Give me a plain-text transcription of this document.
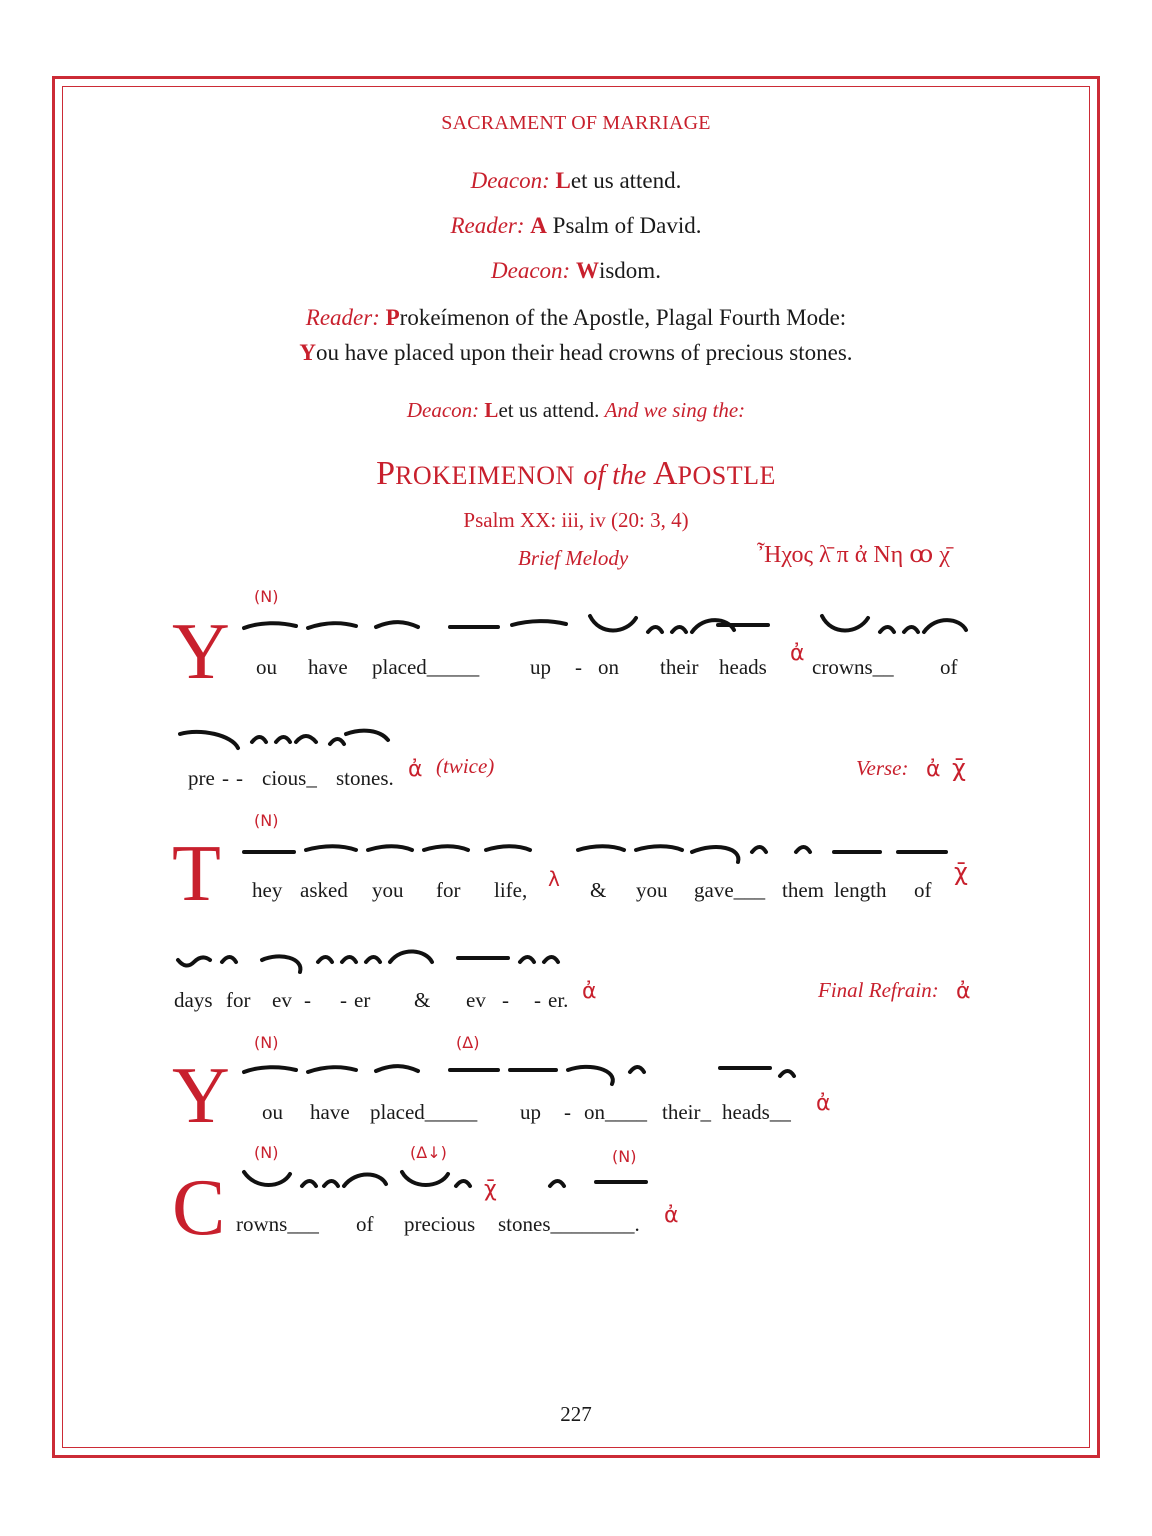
SACRAMENT OF MARRIAGE
Deacon: Let us attend.
Reader: A Psalm of David.
Deacon: Wisdom.
Reader: Prokeímenon of the Apostle, Plagal Fourth Mode:
You have placed upon their head crowns of precious stones.
Deacon: Let us attend. And we sing the:
PROKEIMENON of the APOSTLE
Psalm XX: iii, iv (20: 3, 4)
Brief Melody	Ἦχος λ̄ π ἀ Νη ꝏ χ̄
(N)
(N)
(N)	(Δ)
(N)	(Δ↓)	(N)
ἀ
ἀ	ἀ χ̄
λ	χ̄
ἀ	ἀ
ἀ
χ̄
ἀ
Y ou have placed_____ up - on their heads crowns__ of
pre - - cious_ stones. (twice)	Verse:
T hey asked you for life,	& you gave___ them length of
days for ev - - er & ev - - er.	Final Refrain:
Y ou have placed_____ up - on____ their_ heads__
C rowns___ of precious stones________.
227
